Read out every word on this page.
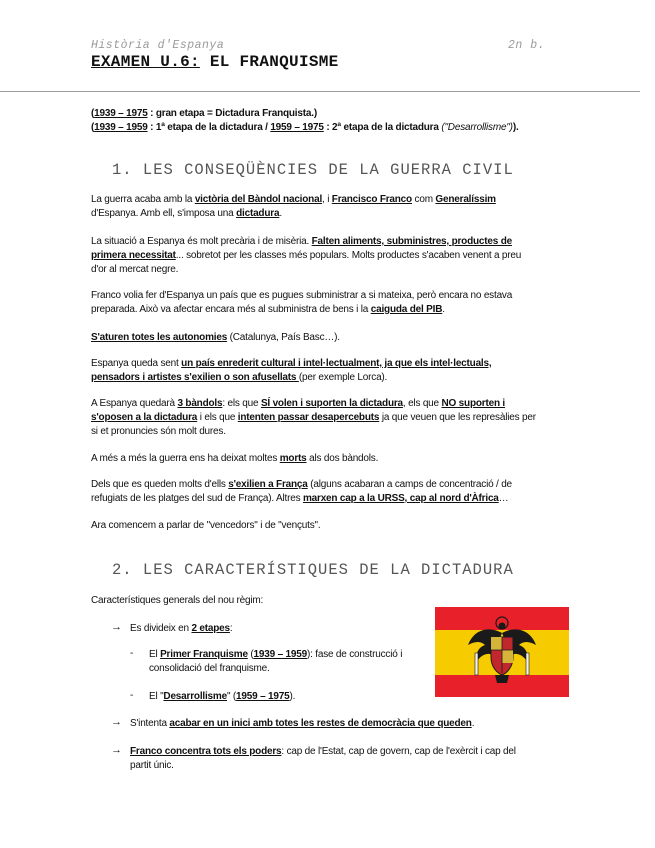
Història d'Espanya	2n b.
EXAMEN U.6: EL FRANQUISME
(1939 – 1975 : gran etapa = Dictadura Franquista.)
(1939 – 1959 : 1ª etapa de la dictadura / 1959 – 1975 : 2ª etapa de la dictadura ("Desarrollisme")).
1. LES CONSEQÜÈNCIES DE LA GUERRA CIVIL
La guerra acaba amb la victòria del Bàndol nacional, i Francisco Franco com Generalíssim
d'Espanya. Amb ell, s'imposa una dictadura.
La situació a Espanya és molt precària i de misèria. Falten aliments, subministres, productes de
primera necessitat... sobretot per les classes més populars. Molts productes s'acaben venent a preu
d'or al mercat negre.
Franco volia fer d'Espanya un país que es pugues subministrar a si mateixa, però encara no estava
preparada. Això va afectar encara més al subministra de bens i la caiguda del PIB.
S'aturen totes les autonomies (Catalunya, País Basc…).
Espanya queda sent un país enrederit cultural i intel·lectualment, ja que els intel·lectuals,
pensadors i artistes s'exilien o son afusellats (per exemple Lorca).
A Espanya quedarà 3 bàndols: els que SÍ volen i suporten la dictadura, els que NO suporten i
s'oposen a la dictadura i els que intenten passar desapercebuts ja que veuen que les represàlies per
si et pronuncies són molt dures.
A més a més la guerra ens ha deixat moltes morts als dos bàndols.
Dels que es queden molts d'ells s'exilien a França (alguns acabaran a camps de concentració / de
refugiats de les platges del sud de França). Altres marxen cap a la URSS, cap al nord d'Àfrica…
Ara comencem a parlar de "vencedors" i de "vençuts".
2. LES CARACTERÍSTIQUES DE LA DICTADURA
Característiques generals del nou règim:
→ Es divideix en 2 etapes:
- El Primer Franquisme (1939 – 1959): fase de construcció i
consolidació del franquisme.
- El "Desarrollisme" (1959 – 1975).
→ S'intenta acabar en un inici amb totes les restes de democràcia que queden.
→ Franco concentra tots els poders: cap de l'Estat, cap de govern, cap de l'exèrcit i cap del
partit únic.
